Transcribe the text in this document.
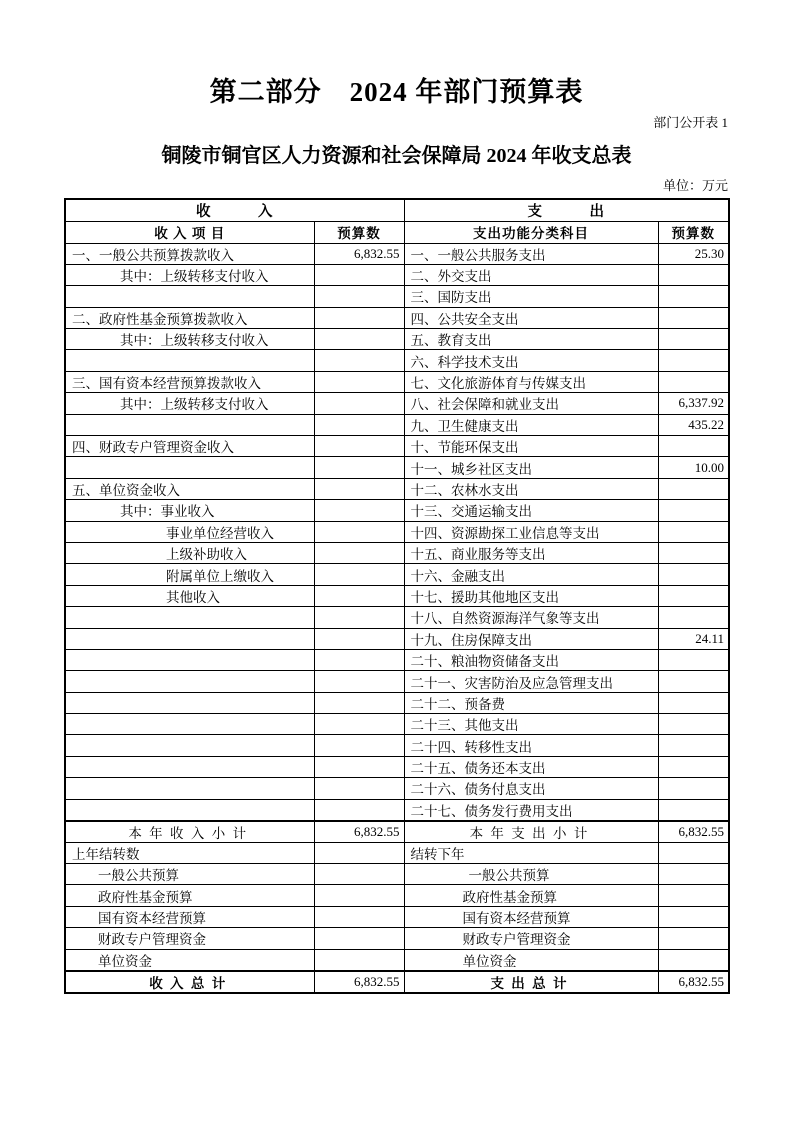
第二部分　2024 年部门预算表
部门公开表 1
铜陵市铜官区人力资源和社会保障局 2024 年收支总表
单位：万元
收　　　入		支　　　出	
收 入 项 目	预算数	支出功能分类科目	预算数
一、一般公共预算拨款收入	6,832.55	一、一般公共服务支出	25.30
其中：上级转移支付收入		二、外交支出	
		三、国防支出	
二、政府性基金预算拨款收入		四、公共安全支出	
其中：上级转移支付收入		五、教育支出	
		六、科学技术支出	
三、国有资本经营预算拨款收入		七、文化旅游体育与传媒支出	
其中：上级转移支付收入		八、社会保障和就业支出	6,337.92
		九、卫生健康支出	435.22
四、财政专户管理资金收入		十、节能环保支出	
		十一、城乡社区支出	10.00
五、单位资金收入		十二、农林水支出	
其中：事业收入		十三、交通运输支出	
事业单位经营收入		十四、资源勘探工业信息等支出	
上级补助收入		十五、商业服务等支出	
附属单位上缴收入		十六、金融支出	
其他收入		十七、援助其他地区支出	
		十八、自然资源海洋气象等支出	
		十九、住房保障支出	24.11
		二十、粮油物资储备支出	
		二十一、灾害防治及应急管理支出	
		二十二、预备费	
		二十三、其他支出	
		二十四、转移性支出	
		二十五、债务还本支出	
		二十六、债务付息支出	
		二十七、债务发行费用支出	
本 年 收 入 小 计	6,832.55	本 年 支 出 小 计	6,832.55
上年结转数		结转下年	
一般公共预算		一般公共预算	
政府性基金预算		政府性基金预算	
国有资本经营预算		国有资本经营预算	
财政专户管理资金		财政专户管理资金	
单位资金		单位资金	
收 入 总 计	6,832.55	支 出 总 计	6,832.55
